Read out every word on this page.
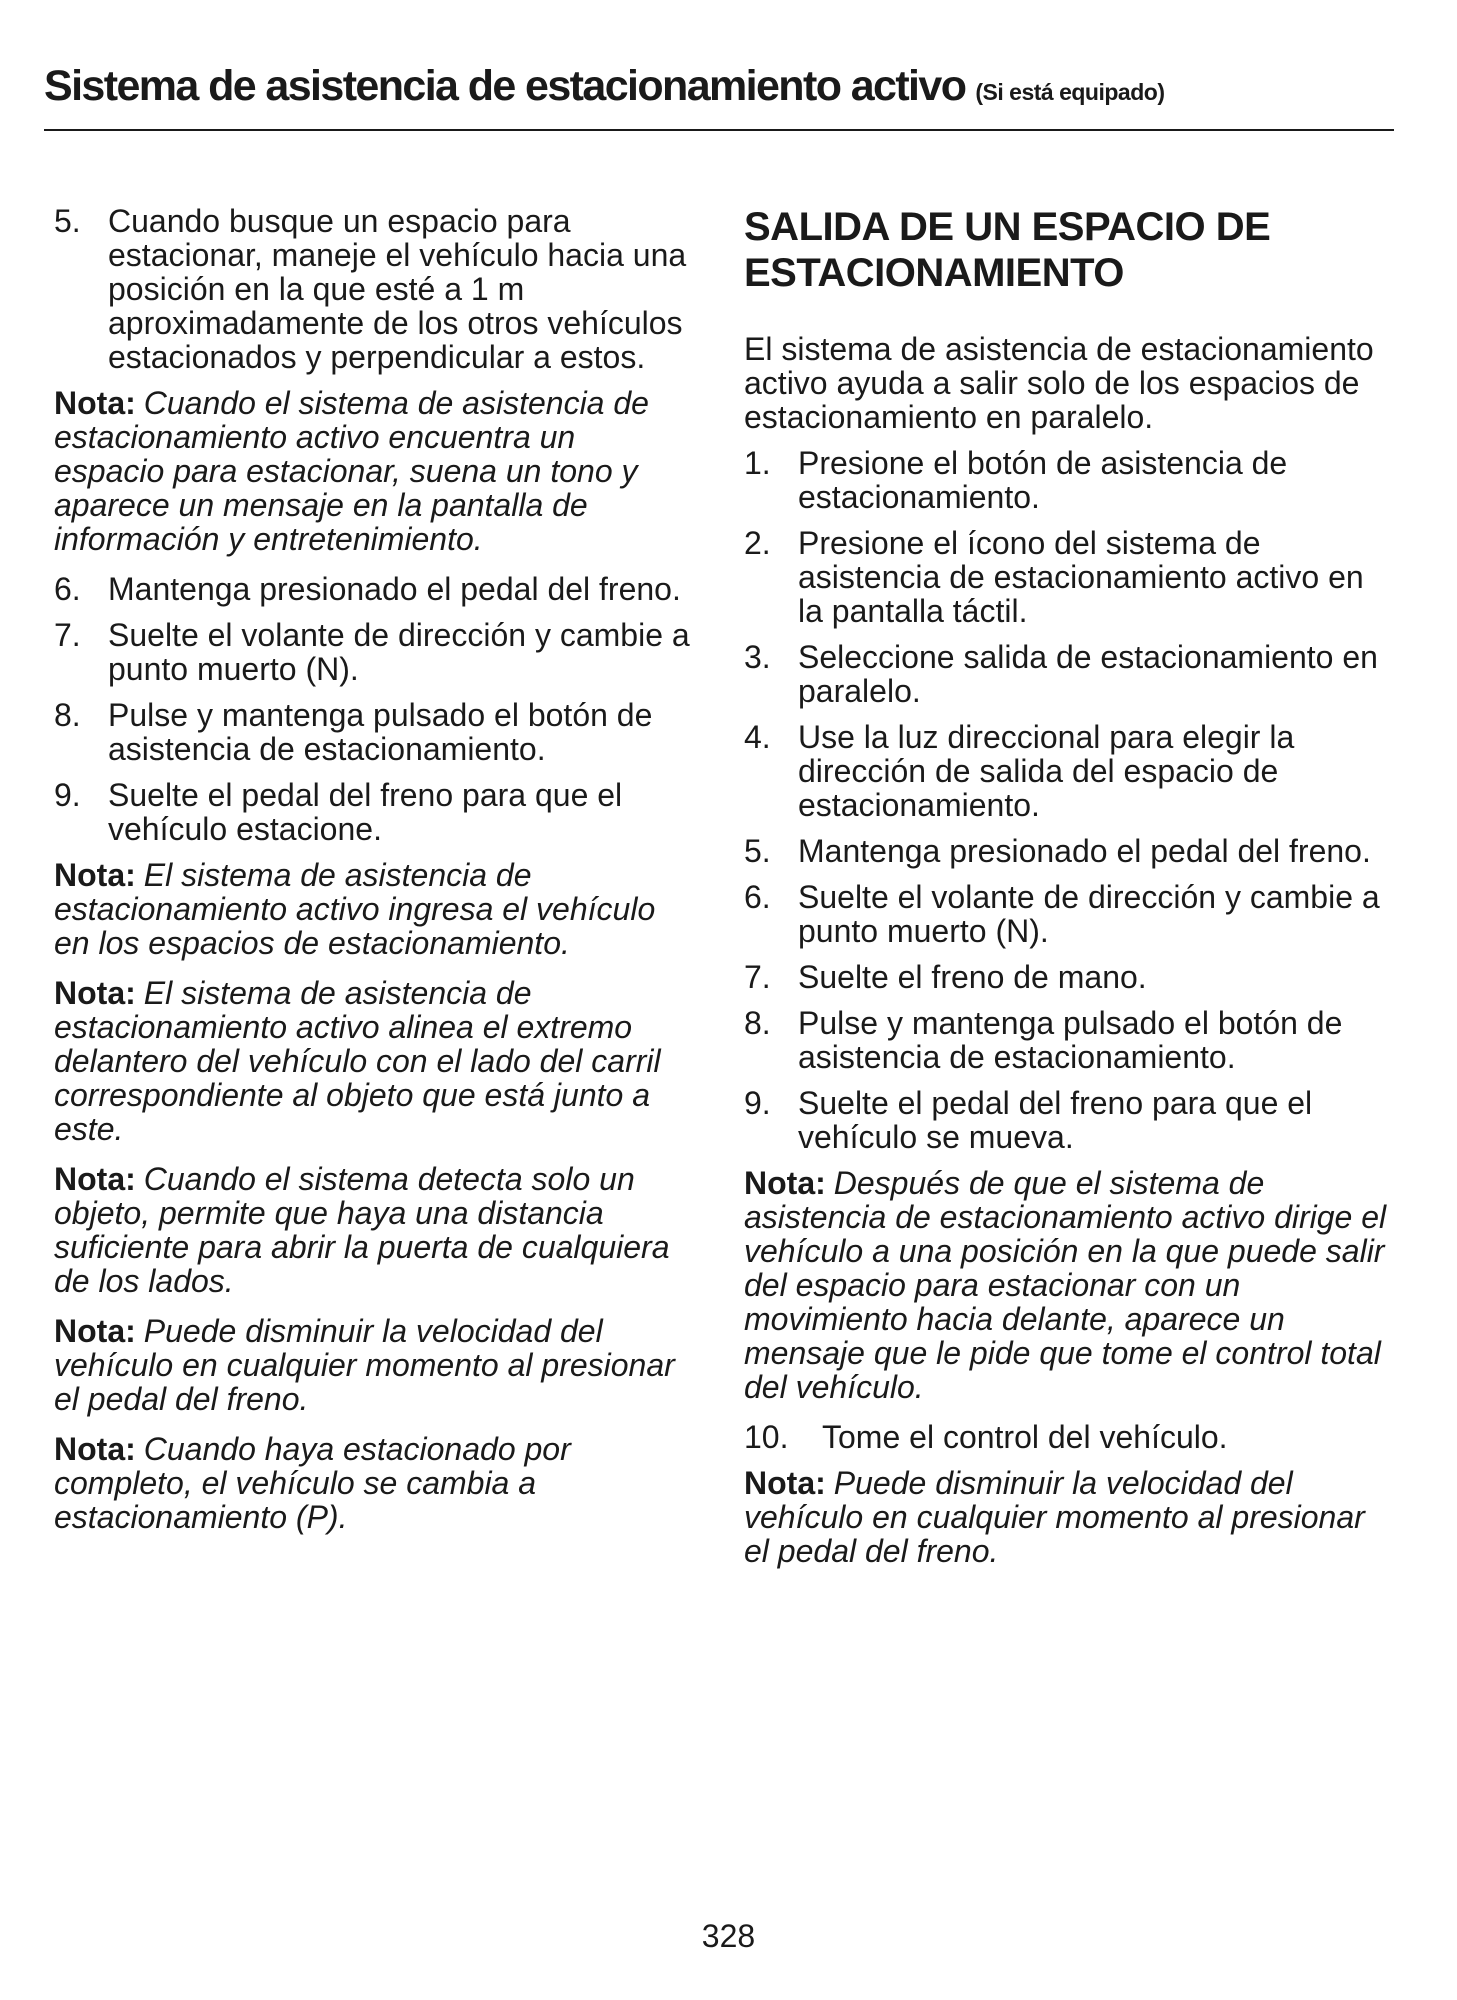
Sistema de asistencia de estacionamiento activo (Si está equipado)
5. Cuando busque un espacio para estacionar, maneje el vehículo hacia una posición en la que esté a 1 m aproximadamente de los otros vehículos estacionados y perpendicular a estos.

Nota: Cuando el sistema de asistencia de estacionamiento activo encuentra un espacio para estacionar, suena un tono y aparece un mensaje en la pantalla de información y entretenimiento.

6. Mantenga presionado el pedal del freno.
7. Suelte el volante de dirección y cambie a punto muerto (N).
8. Pulse y mantenga pulsado el botón de asistencia de estacionamiento.
9. Suelte el pedal del freno para que el vehículo estacione.

Nota: El sistema de asistencia de estacionamiento activo ingresa el vehículo en los espacios de estacionamiento.

Nota: El sistema de asistencia de estacionamiento activo alinea el extremo delantero del vehículo con el lado del carril correspondiente al objeto que está junto a este.

Nota: Cuando el sistema detecta solo un objeto, permite que haya una distancia suficiente para abrir la puerta de cualquiera de los lados.

Nota: Puede disminuir la velocidad del vehículo en cualquier momento al presionar el pedal del freno.

Nota: Cuando haya estacionado por completo, el vehículo se cambia a estacionamiento (P).

SALIDA DE UN ESPACIO DE ESTACIONAMIENTO

El sistema de asistencia de estacionamiento activo ayuda a salir solo de los espacios de estacionamiento en paralelo.

1. Presione el botón de asistencia de estacionamiento.
2. Presione el ícono del sistema de asistencia de estacionamiento activo en la pantalla táctil.
3. Seleccione salida de estacionamiento en paralelo.
4. Use la luz direccional para elegir la dirección de salida del espacio de estacionamiento.
5. Mantenga presionado el pedal del freno.
6. Suelte el volante de dirección y cambie a punto muerto (N).
7. Suelte el freno de mano.
8. Pulse y mantenga pulsado el botón de asistencia de estacionamiento.
9. Suelte el pedal del freno para que el vehículo se mueva.

Nota: Después de que el sistema de asistencia de estacionamiento activo dirige el vehículo a una posición en la que puede salir del espacio para estacionar con un movimiento hacia delante, aparece un mensaje que le pide que tome el control total del vehículo.

10.	Tome el control del vehículo.

Nota: Puede disminuir la velocidad del vehículo en cualquier momento al presionar el pedal del freno.

328
